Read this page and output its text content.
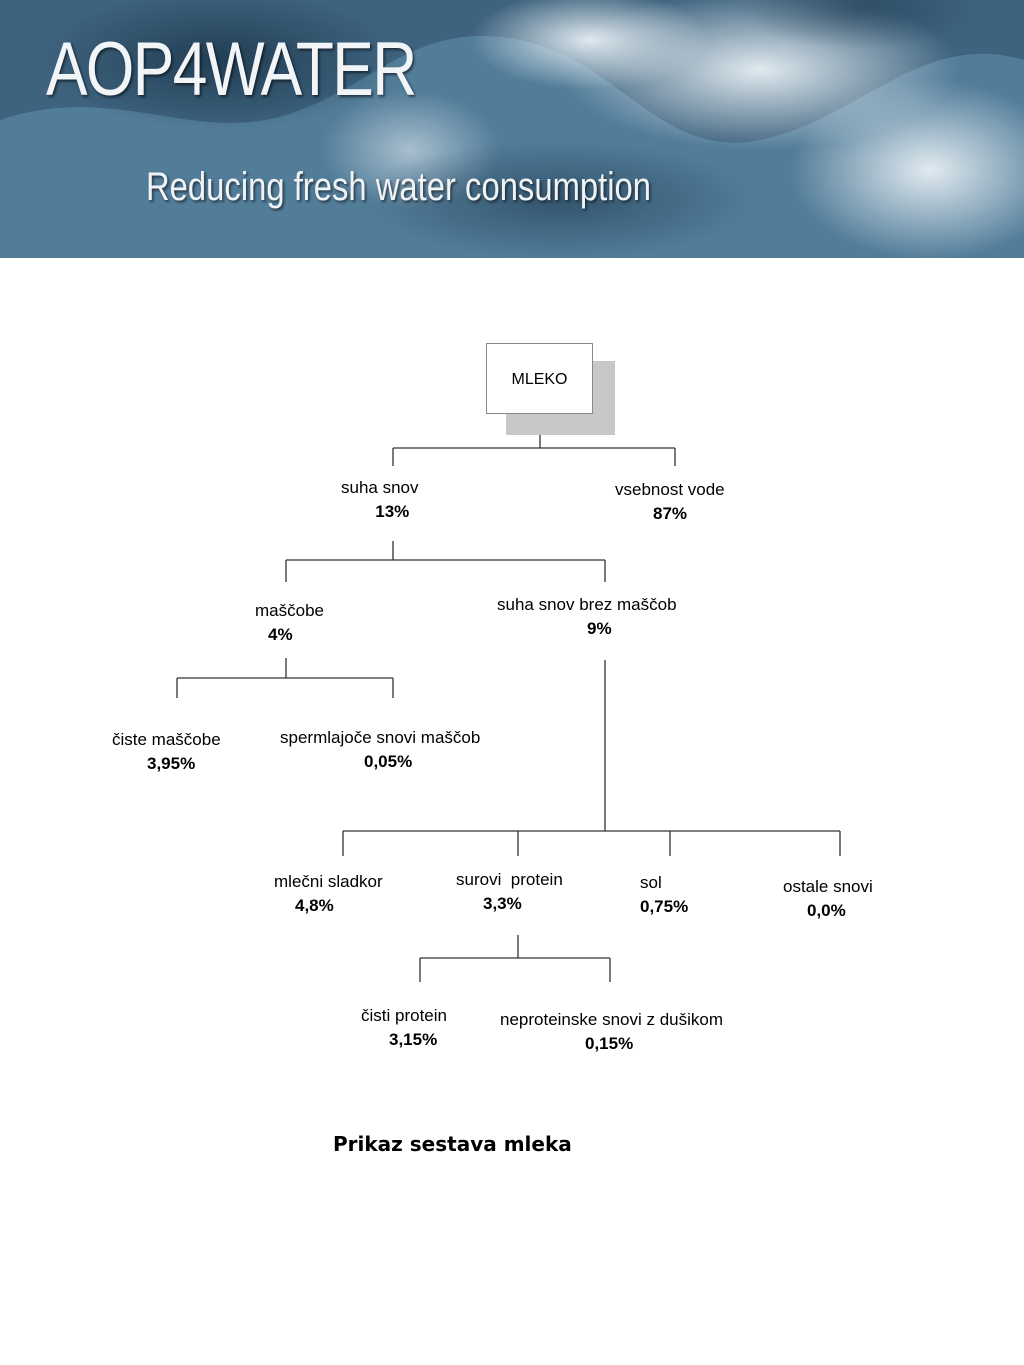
AOP4WATER
Reducing fresh water consumption
MLEKO
suha snov
13%
vsebnost vode
87%
maščobe
4%
suha snov brez maščob
9%
čiste maščobe
3,95%
spermlajoče snovi maščob
0,05%
mlečni sladkor
4,8%
surovi  protein
3,3%
sol
0,75%
ostale snovi
0,0%
čisti protein
3,15%
neproteinske snovi z dušikom
0,15%
Prikaz sestava mleka
